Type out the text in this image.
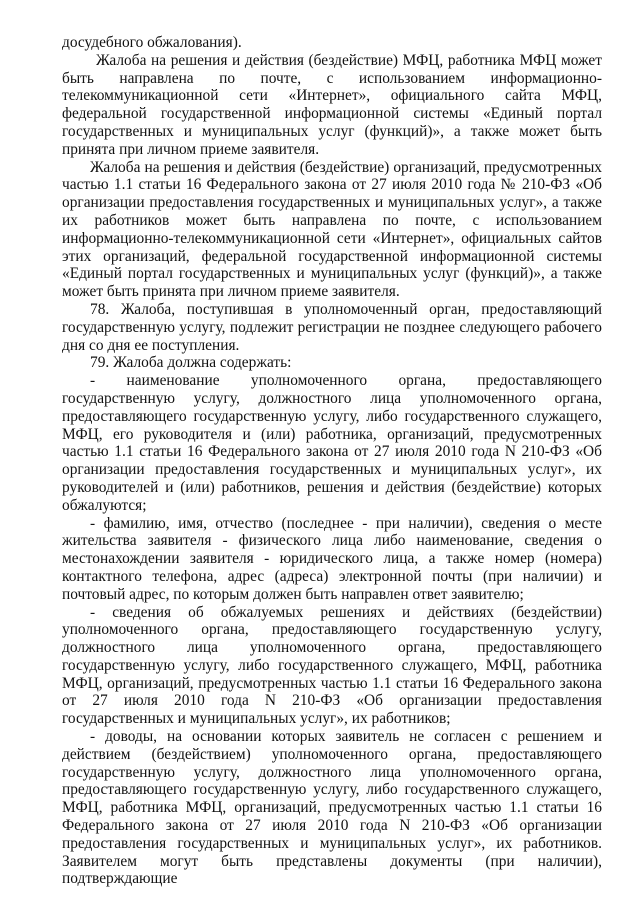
досудебного обжалования).

Жалоба на решения и действия (бездействие) МФЦ, работника МФЦ может быть направлена по почте, с использованием информационно-телекоммуникационной сети «Интернет», официального сайта МФЦ, федеральной государственной информационной системы «Единый портал государственных и муниципальных услуг (функций)», а также может быть принята при личном приеме заявителя.

Жалоба на решения и действия (бездействие) организаций, предусмотренных частью 1.1 статьи 16 Федерального закона от 27 июля 2010 года № 210-ФЗ «Об организации предоставления государственных и муниципальных услуг», а также их работников может быть направлена по почте, с использованием информационно-телекоммуникационной сети «Интернет», официальных сайтов этих организаций, федеральной государственной информационной системы «Единый портал государственных и муниципальных услуг (функций)», а также может быть принята при личном приеме заявителя.

78. Жалоба, поступившая в уполномоченный орган, предоставляющий государственную услугу, подлежит регистрации не позднее следующего рабочего дня со дня ее поступления.

79. Жалоба должна содержать:

- наименование уполномоченного органа, предоставляющего государственную услугу, должностного лица уполномоченного органа, предоставляющего государственную услугу, либо государственного служащего, МФЦ, его руководителя и (или) работника, организаций, предусмотренных частью 1.1 статьи 16 Федерального закона от 27 июля 2010 года N 210-ФЗ «Об организации предоставления государственных и муниципальных услуг», их руководителей и (или) работников, решения и действия (бездействие) которых обжалуются;

- фамилию, имя, отчество (последнее - при наличии), сведения о месте жительства заявителя - физического лица либо наименование, сведения о местонахождении заявителя - юридического лица, а также номер (номера) контактного телефона, адрес (адреса) электронной почты (при наличии) и почтовый адрес, по которым должен быть направлен ответ заявителю;

- сведения об обжалуемых решениях и действиях (бездействии) уполномоченного органа, предоставляющего государственную услугу, должностного лица уполномоченного органа, предоставляющего государственную услугу, либо государственного служащего, МФЦ, работника МФЦ, организаций, предусмотренных частью 1.1 статьи 16 Федерального закона от 27 июля 2010 года N 210-ФЗ «Об организации предоставления государственных и муниципальных услуг», их работников;

- доводы, на основании которых заявитель не согласен с решением и действием (бездействием) уполномоченного органа, предоставляющего государственную услугу, должностного лица уполномоченного органа, предоставляющего государственную услугу, либо государственного служащего, МФЦ, работника МФЦ, организаций, предусмотренных частью 1.1 статьи 16 Федерального закона от 27 июля 2010 года N 210-ФЗ «Об организации предоставления государственных и муниципальных услуг», их работников. Заявителем могут быть представлены документы (при наличии), подтверждающие
